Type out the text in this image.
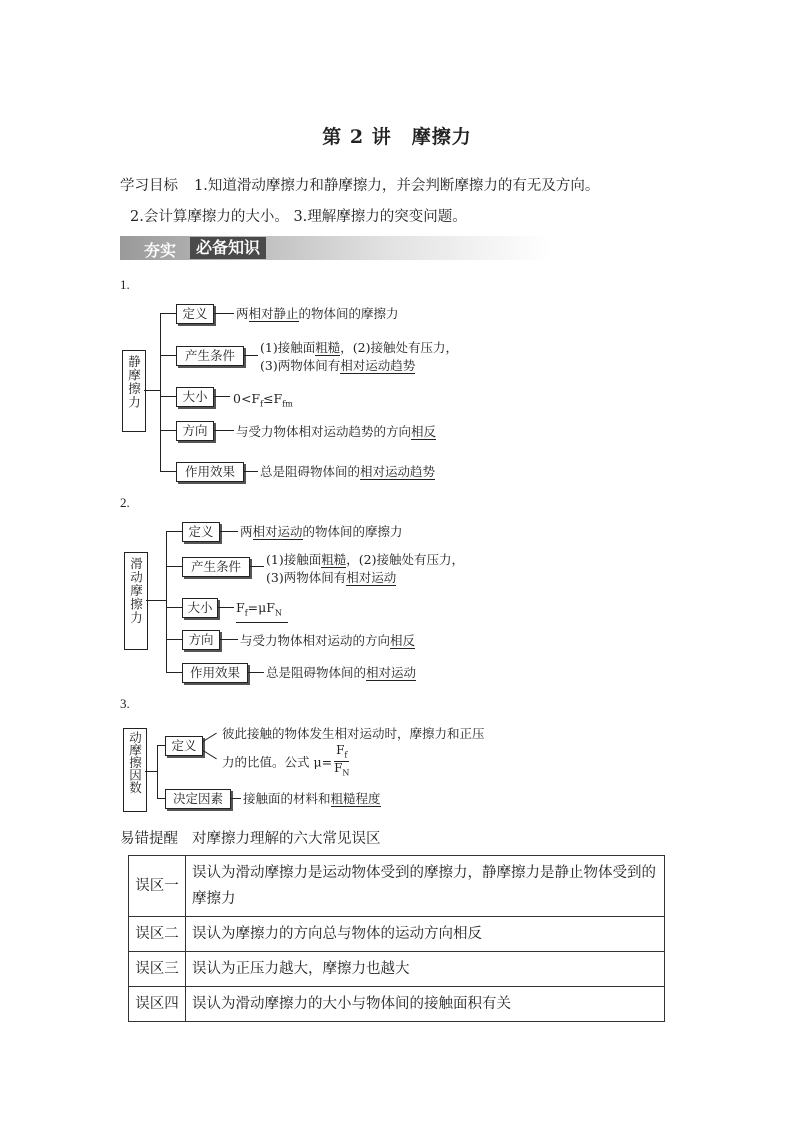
第 2 讲　摩擦力
学习目标 1.知道滑动摩擦力和静摩擦力，并会判断摩擦力的有无及方向。
2.会计算摩擦力的大小。 3.理解摩擦力的突变问题。
夯实	必备知识
1.
静摩擦力
定义	两相对静止的物体间的摩擦力
产生条件
(1)接触面粗糙，(2)接触处有压力，
(3)两物体间有相对运动趋势
大小	$0<F_f\le F_{fm}$
方向	与受力物体相对运动趋势的方向相反
作用效果	总是阻碍物体间的相对运动趋势
2.
滑动摩擦力
定义	两相对运动的物体间的摩擦力
产生条件	(1)接触面粗糙，(2)接触处有压力，
(3)两物体间有相对运动
大小	$F_f=\mu F_N$
方向	与受力物体相对运动的方向相反
作用效果	总是阻碍物体间的相对运动
3.
动摩擦因数	定义
彼此接触的物体发生相对运动时，摩擦力和正压
力的比值。公式 $\mu= \frac{F_f}{F_N}$
决定因素	接触面的材料和粗糙程度
易错提醒 对摩擦力理解的六大常见误区
误区一	误认为滑动摩擦力是运动物体受到的摩擦力，静摩擦力是静止物体受到的摩擦力
误区二	误认为摩擦力的方向总与物体的运动方向相反
误区三	误认为正压力越大，摩擦力也越大
误区四	误认为滑动摩擦力的大小与物体间的接触面积有关
